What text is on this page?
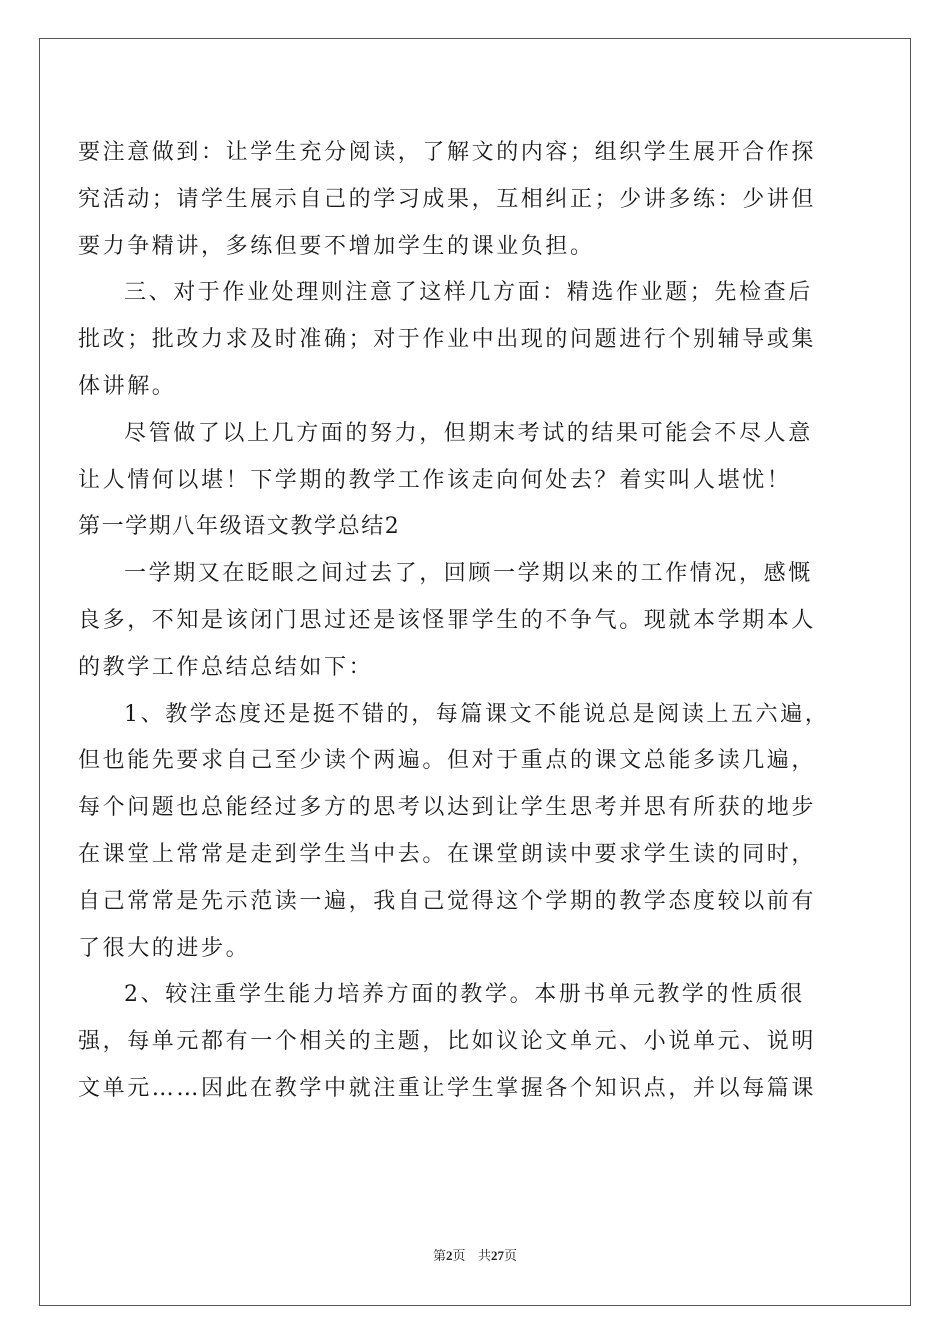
要注意做到：让学生充分阅读，了解文的内容；组织学生展开合作探
究活动；请学生展示自己的学习成果，互相纠正；少讲多练：少讲但
要力争精讲，多练但要不增加学生的课业负担。
三、对于作业处理则注意了这样几方面：精选作业题；先检查后
批改；批改力求及时准确；对于作业中出现的问题进行个别辅导或集
体讲解。
尽管做了以上几方面的努力，但期末考试的结果可能会不尽人意
让人情何以堪！下学期的教学工作该走向何处去？着实叫人堪忧！
第一学期八年级语文教学总结2
一学期又在眨眼之间过去了，回顾一学期以来的工作情况，感慨
良多，不知是该闭门思过还是该怪罪学生的不争气。现就本学期本人
的教学工作总结总结如下：
1、教学态度还是挺不错的，每篇课文不能说总是阅读上五六遍，
但也能先要求自己至少读个两遍。但对于重点的课文总能多读几遍，
每个问题也总能经过多方的思考以达到让学生思考并思有所获的地步
在课堂上常常是走到学生当中去。在课堂朗读中要求学生读的同时，
自己常常是先示范读一遍，我自己觉得这个学期的教学态度较以前有
了很大的进步。
2、较注重学生能力培养方面的教学。本册书单元教学的性质很
强，每单元都有一个相关的主题，比如议论文单元、小说单元、说明
文单元……因此在教学中就注重让学生掌握各个知识点，并以每篇课
第2页 共27页
